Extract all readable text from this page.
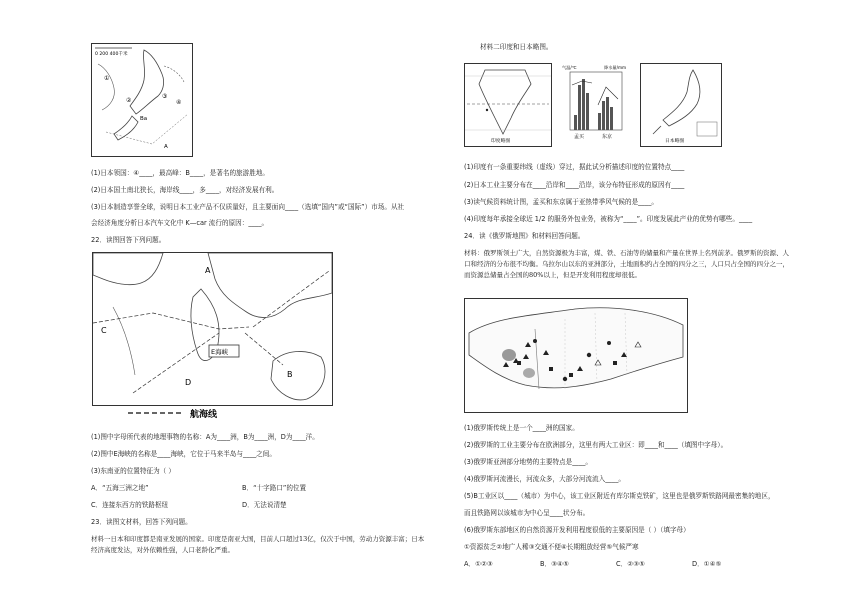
0 200 400千米
①
②
③
④
Ba
A
(1)日本领国：④____，最高峰：B____，是著名的旅游胜地。
(2)日本国土南北狭长，海岸线____，多____，对经济发展有利。
(3)日本制造享誉全球，说明日本工业产品不仅质量好，且主要面向____（选填“国内”或“国际”）市场。从社
会经济角度分析日本汽车文化中 K—car 流行的原因：____。
22．读图回答下列问题。
A
B
C
D
E海峡
航海线
(1)图中字母所代表的地理事物的名称：A为____洲，B为____洲，D为____洋。
(2)图中E海峡的名称是____海峡，它位于马来半岛与____之间。
(3)东南亚的位置特征为（ ）
A．“五海三洲之地”	B．“十字路口”的位置
C．连接东西方的铁路枢纽	D．无法说清楚
23．读图文材料，回答下列问题。
材料一日本和印度都是南亚发展的国家。印度是南亚大国，目前人口超过13亿，仅次于中国，劳动力资源丰富；日本经济高度发达，对外依赖性强，人口老龄化严重。
材料二印度和日本略图。
印度略图
气温/℃	降水量/mm
孟买	东京
日本略图
(1)印度有一条重要纬线（虚线）穿过，据此试分析描述印度的位置特点____
(2)日本工业主要分布在____沿岸和____沿岸，该分布特征形成的原因有____
(3)读气候资料统计图，孟买和东京属于亚热带季风气候的是____。
(4)印度每年承接全球近 1/2 的服务外包业务，被称为“____”。印度发展此产业的优势有哪些。____
24．读《俄罗斯地图》和材料回答问题。
材料：俄罗斯领土广大，自然资源极为丰富，煤、铁、石油等的储量和产量在世界上名列前茅。俄罗斯的资源、人口和经济的分布很不均衡。乌拉尔山以东的亚洲部分，土地面积约占全国的四分之三，人口只占全国的四分之一，而资源总储量占全国的80%以上，但是开发利用程度却很低。
(1)俄罗斯传统上是一个____洲的国家。
(2)俄罗斯的工业主要分布在欧洲部分，这里有两大工业区：即____和____（填图中字母）。
(3)俄罗斯亚洲部分地势的主要特点是____。
(4)俄罗斯河流漫长，河流众多，大部分河流流入____。
(5)B工业区以____（城市）为中心，该工业区附近有库尔斯克铁矿，这里也是俄罗斯铁路网最密集的地区，
而且铁路网以该城市为中心呈____状分布。
(6)俄罗斯东部地区的自然资源开发利用程度很低的主要原因是（ ）（填字母）
①资源贫乏②地广人稀③交通不便④长期粗放经营⑤气候严寒
A．①②③	B．③④⑤	C．②③⑤	D．①④⑤
